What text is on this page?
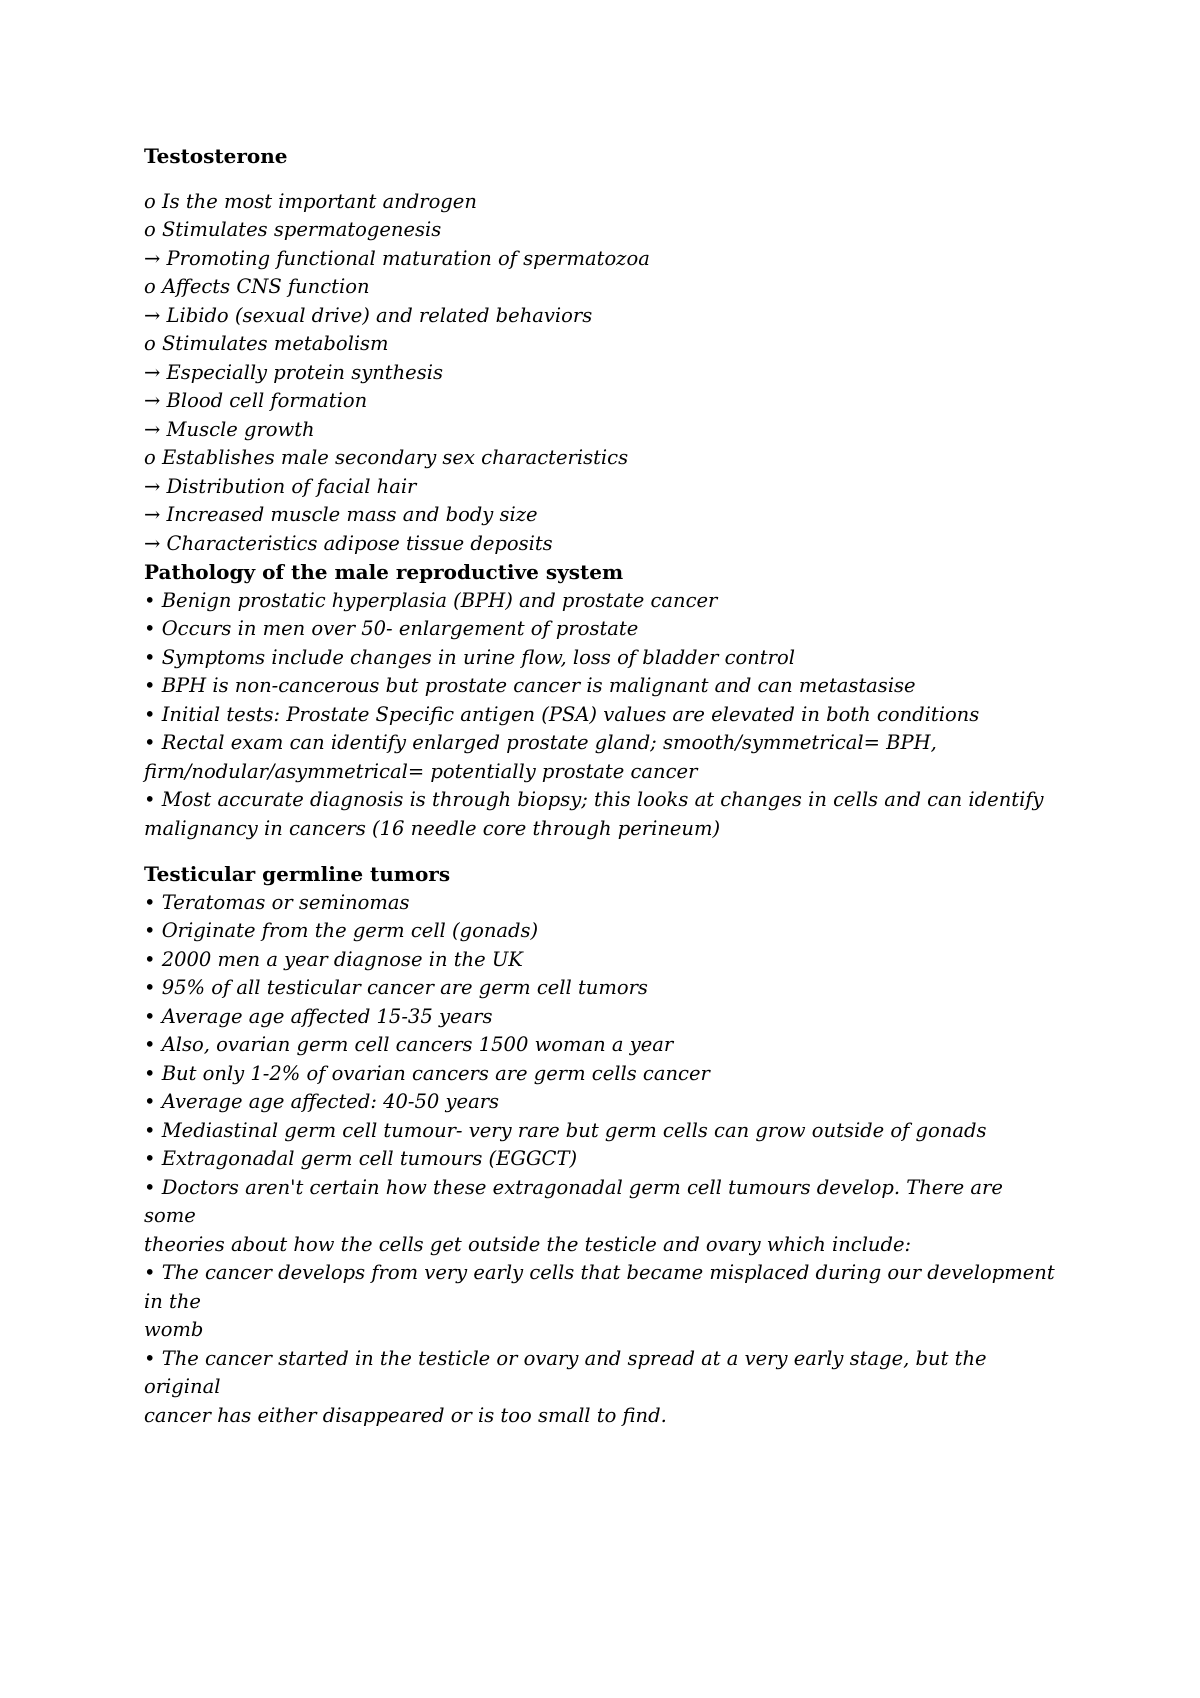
Testosterone

o Is the most important androgen

o Stimulates spermatogenesis

→ Promoting functional maturation of spermatozoa

o Affects CNS function

→ Libido (sexual drive) and related behaviors

o Stimulates metabolism

→ Especially protein synthesis

→ Blood cell formation

→ Muscle growth

o Establishes male secondary sex characteristics

→ Distribution of facial hair

→ Increased muscle mass and body size

→ Characteristics adipose tissue deposits

Pathology of the male reproductive system

• Benign prostatic hyperplasia (BPH) and prostate cancer

• Occurs in men over 50- enlargement of prostate

• Symptoms include changes in urine flow, loss of bladder control

• BPH is non-cancerous but prostate cancer is malignant and can metastasise

• Initial tests: Prostate Specific antigen (PSA) values are elevated in both conditions

• Rectal exam can identify enlarged prostate gland; smooth/symmetrical= BPH,

firm/nodular/asymmetrical= potentially prostate cancer

• Most accurate diagnosis is through biopsy; this looks at changes in cells and can identify

malignancy in cancers (16 needle core through perineum)

Testicular germline tumors

• Teratomas or seminomas

• Originate from the germ cell (gonads)

• 2000 men a year diagnose in the UK

• 95% of all testicular cancer are germ cell tumors

• Average age affected 15-35 years

• Also, ovarian germ cell cancers 1500 woman a year

• But only 1-2% of ovarian cancers are germ cells cancer

• Average age affected: 40-50 years

• Mediastinal germ cell tumour- very rare but germ cells can grow outside of gonads

• Extragonadal germ cell tumours (EGGCT)

• Doctors aren't certain how these extragonadal germ cell tumours develop. There are

some

theories about how the cells get outside the testicle and ovary which include:

• The cancer develops from very early cells that became misplaced during our development

in the

womb

• The cancer started in the testicle or ovary and spread at a very early stage, but the

original

cancer has either disappeared or is too small to find.
